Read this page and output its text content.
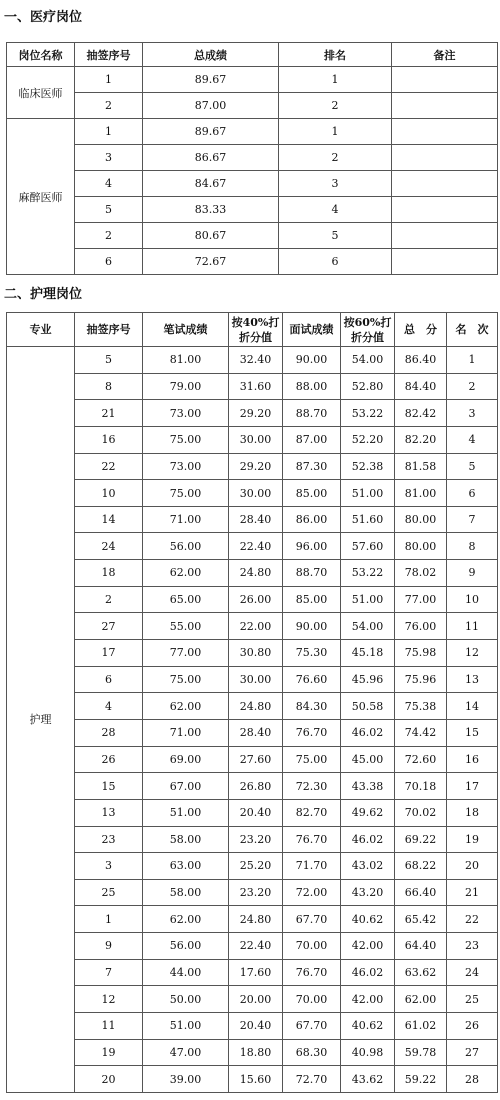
一、医疗岗位
岗位名称	抽签序号	总成绩	排名	备注
临床医师	1	89.67	1	
	2	87.00	2	
麻醉医师	1	89.67	1	
	3	86.67	2	
	4	84.67	3	
	5	83.33	4	
	2	80.67	5	
	6	72.67	6	
二、护理岗位
专业	抽签序号	笔试成绩	按40%打折分值	面试成绩	按60%打折分值	总　分	名　次
护理	5	81.00	32.40	90.00	54.00	86.40	1
	8	79.00	31.60	88.00	52.80	84.40	2
	21	73.00	29.20	88.70	53.22	82.42	3
	16	75.00	30.00	87.00	52.20	82.20	4
	22	73.00	29.20	87.30	52.38	81.58	5
	10	75.00	30.00	85.00	51.00	81.00	6
	14	71.00	28.40	86.00	51.60	80.00	7
	24	56.00	22.40	96.00	57.60	80.00	8
	18	62.00	24.80	88.70	53.22	78.02	9
	2	65.00	26.00	85.00	51.00	77.00	10
	27	55.00	22.00	90.00	54.00	76.00	11
	17	77.00	30.80	75.30	45.18	75.98	12
	6	75.00	30.00	76.60	45.96	75.96	13
	4	62.00	24.80	84.30	50.58	75.38	14
	28	71.00	28.40	76.70	46.02	74.42	15
	26	69.00	27.60	75.00	45.00	72.60	16
	15	67.00	26.80	72.30	43.38	70.18	17
	13	51.00	20.40	82.70	49.62	70.02	18
	23	58.00	23.20	76.70	46.02	69.22	19
	3	63.00	25.20	71.70	43.02	68.22	20
	25	58.00	23.20	72.00	43.20	66.40	21
	1	62.00	24.80	67.70	40.62	65.42	22
	9	56.00	22.40	70.00	42.00	64.40	23
	7	44.00	17.60	76.70	46.02	63.62	24
	12	50.00	20.00	70.00	42.00	62.00	25
	11	51.00	20.40	67.70	40.62	61.02	26
	19	47.00	18.80	68.30	40.98	59.78	27
	20	39.00	15.60	72.70	43.62	59.22	28
